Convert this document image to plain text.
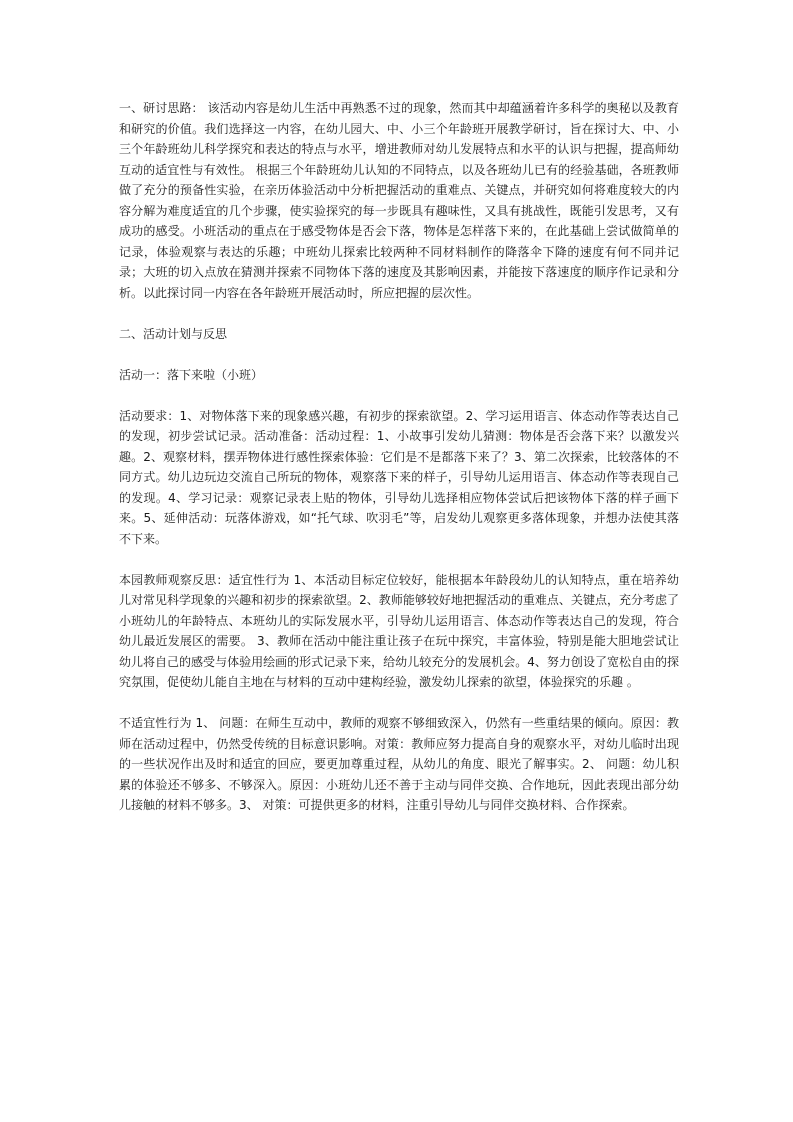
一、研讨思路： 该活动内容是幼儿生活中再熟悉不过的现象，然而其中却蕴涵着许多科学的奥秘以及教育和研究的价值。我们选择这一内容，在幼儿园大、中、小三个年龄班开展教学研讨，旨在探讨大、中、小三个年龄班幼儿科学探究和表达的特点与水平，增进教师对幼儿发展特点和水平的认识与把握，提高师幼互动的适宜性与有效性。 根据三个年龄班幼儿认知的不同特点，以及各班幼儿已有的经验基础，各班教师做了充分的预备性实验，在亲历体验活动中分析把握活动的重难点、关键点，并研究如何将难度较大的内容分解为难度适宜的几个步骤，使实验探究的每一步既具有趣味性，又具有挑战性，既能引发思考，又有成功的感受。小班活动的重点在于感受物体是否会下落，物体是怎样落下来的，在此基础上尝试做简单的记录，体验观察与表达的乐趣；中班幼儿探索比较两种不同材料制作的降落伞下降的速度有何不同并记录；大班的切入点放在猜测并探索不同物体下落的速度及其影响因素，并能按下落速度的顺序作记录和分析。以此探讨同一内容在各年龄班开展活动时，所应把握的层次性。

二、活动计划与反思

活动一：落下来啦（小班）

活动要求：1、对物体落下来的现象感兴趣，有初步的探索欲望。2、学习运用语言、体态动作等表达自己的发现，初步尝试记录。活动准备：活动过程：1、小故事引发幼儿猜测：物体是否会落下来？以激发兴趣。2、观察材料，摆弄物体进行感性探索体验：它们是不是都落下来了？3、第二次探索，比较落体的不同方式。幼儿边玩边交流自己所玩的物体，观察落下来的样子，引导幼儿运用语言、体态动作等表现自己的发现。4、学习记录：观察记录表上贴的物体，引导幼儿选择相应物体尝试后把该物体下落的样子画下来。5、延伸活动：玩落体游戏，如“托气球、吹羽毛”等，启发幼儿观察更多落体现象，并想办法使其落不下来。

本园教师观察反思：适宜性行为 1、本活动目标定位较好，能根据本年龄段幼儿的认知特点，重在培养幼儿对常见科学现象的兴趣和初步的探索欲望。2、教师能够较好地把握活动的重难点、关键点，充分考虑了小班幼儿的年龄特点、本班幼儿的实际发展水平，引导幼儿运用语言、体态动作等表达自己的发现，符合幼儿最近发展区的需要。 3、教师在活动中能注重让孩子在玩中探究，丰富体验，特别是能大胆地尝试让幼儿将自己的感受与体验用绘画的形式记录下来，给幼儿较充分的发展机会。4、努力创设了宽松自由的探究氛围，促使幼儿能自主地在与材料的互动中建构经验，激发幼儿探索的欲望，体验探究的乐趣 。

不适宜性行为 1、 问题：在师生互动中，教师的观察不够细致深入，仍然有一些重结果的倾向。原因：教师在活动过程中，仍然受传统的目标意识影响。对策：教师应努力提高自身的观察水平，对幼儿临时出现的一些状况作出及时和适宜的回应，要更加尊重过程，从幼儿的角度、眼光了解事实。2、 问题：幼儿积累的体验还不够多、不够深入。原因：小班幼儿还不善于主动与同伴交换、合作地玩，因此表现出部分幼儿接触的材料不够多。3、 对策：可提供更多的材料，注重引导幼儿与同伴交换材料、合作探索。
